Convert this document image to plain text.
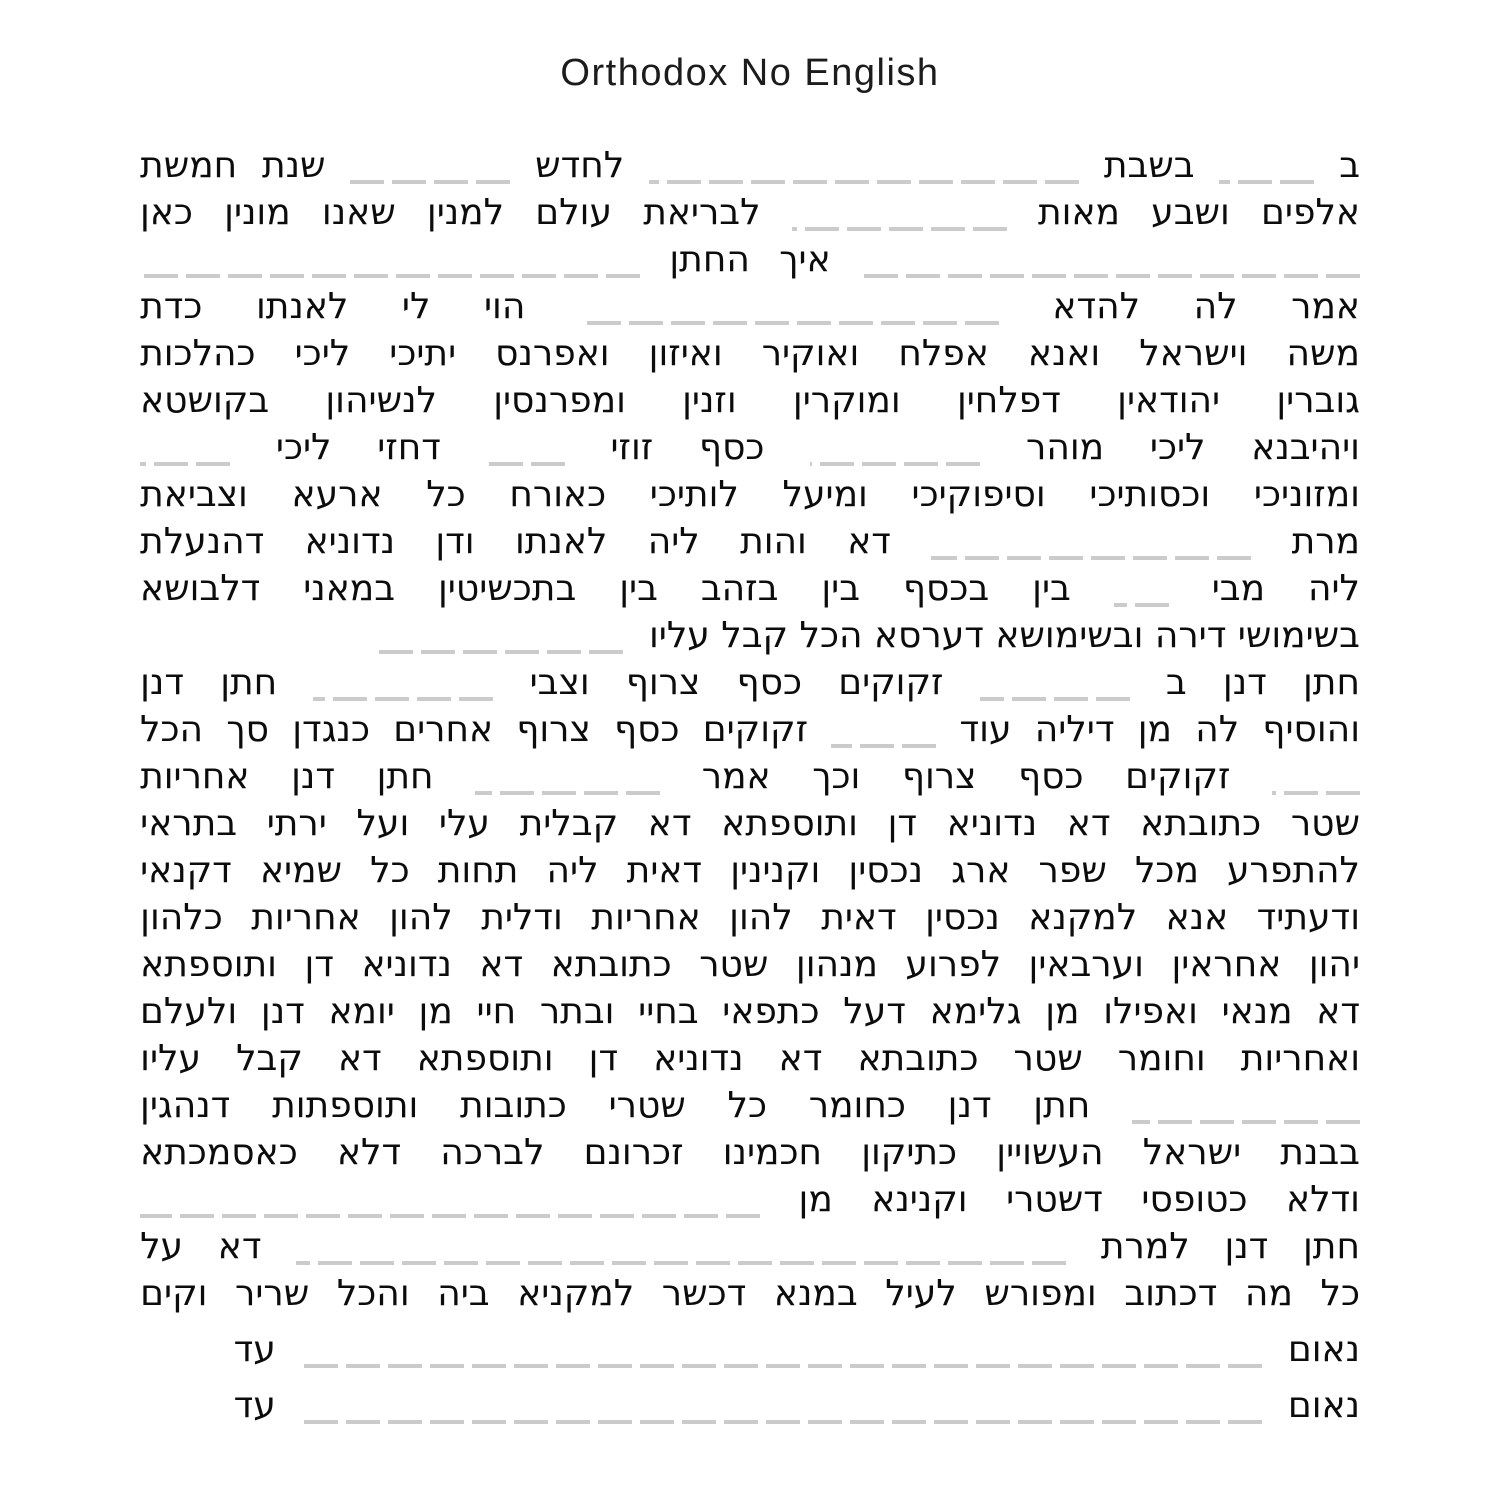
Orthodox No English
ב
בשבת
לחדש
שנת
חמשת
אלפים
ושבע
מאות
לבריאת
עולם
למנין
שאנו
מונין
כאן
איך
החתן
אמר
לה
להדא
הוי
לי
לאנתו
כדת
משה
וישראל
ואנא
אפלח
ואוקיר
ואיזון
ואפרנס
יתיכי
ליכי
כהלכות
גוברין
יהודאין
דפלחין
ומוקרין
וזנין
ומפרנסין
לנשיהון
בקושטא
ויהיבנא
ליכי
מוהר
כסף
זוזי
דחזי
ליכי
ומזוניכי
וכסותיכי
וסיפוקיכי
ומיעל
לותיכי
כאורח
כל
ארעא
וצביאת
מרת
דא
והות
ליה
לאנתו
ודן
נדוניא
דהנעלת
ליה
מבי
בין
בכסף
בין
בזהב
בין
בתכשיטין
במאני
דלבושא
בשימושי דירה ובשימושא דערסא הכל קבל עליו
חתן
דנן
ב
זקוקים
כסף
צרוף
וצבי
חתן
דנן
והוסיף
לה
מן
דיליה
עוד
זקוקים
כסף
צרוף
אחרים
כנגדן
סך
הכל
זקוקים
כסף
צרוף
וכך
אמר
חתן
דנן
אחריות
שטר
כתובתא
דא
נדוניא
דן
ותוספתא
דא
קבלית
עלי
ועל
ירתי
בתראי
להתפרע
מכל
שפר
ארג
נכסין
וקנינין
דאית
ליה
תחות
כל
שמיא
דקנאי
ודעתיד
אנא
למקנא
נכסין
דאית
להון
אחריות
ודלית
להון
אחריות
כלהון
יהון
אחראין
וערבאין
לפרוע
מנהון
שטר
כתובתא
דא
נדוניא
דן
ותוספתא
דא
מנאי
ואפילו
מן
גלימא
דעל
כתפאי
בחיי
ובתר
חיי
מן
יומא
דנן
ולעלם
ואחריות
וחומר
שטר
כתובתא
דא
נדוניא
דן
ותוספתא
דא
קבל
עליו
חתן
דנן
כחומר
כל
שטרי
כתובות
ותוספתות
דנהגין
בבנת
ישראל
העשויין
כתיקון
חכמינו
זכרונם
לברכה
דלא
כאסמכתא
ודלא
כטופסי
דשטרי
וקנינא
מן
חתן
דנן
למרת
דא
על
כל
מה
דכתוב
ומפורש
לעיל
במנא
דכשר
למקניא
ביה
והכל
שריר
וקים
נאום
עד
נאום
עד
